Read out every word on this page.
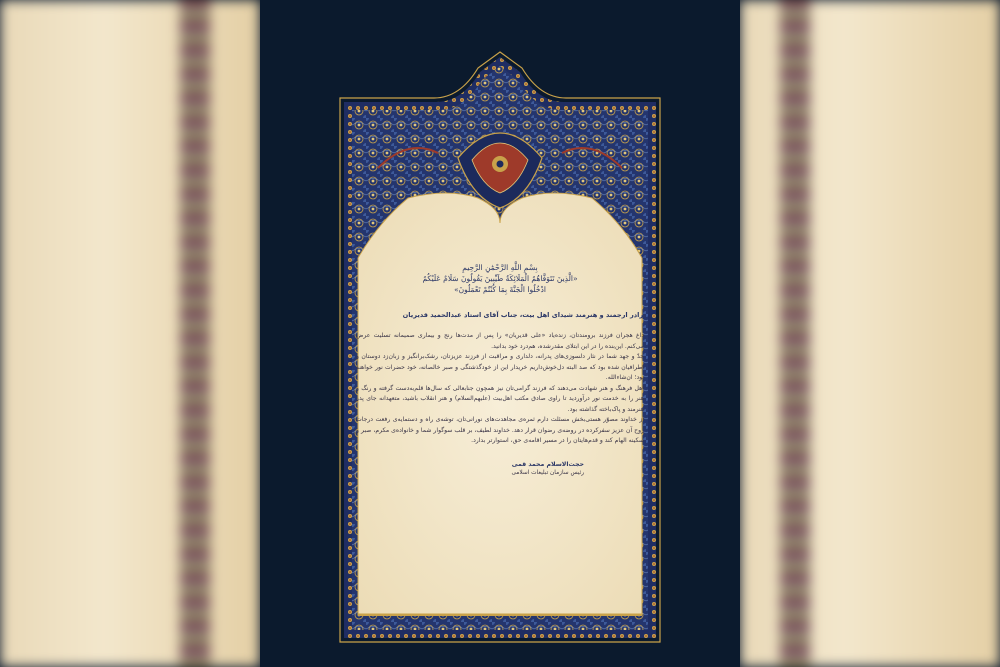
بِسْمِ اللَّهِ الرَّحْمَٰنِ الرَّحِيمِ
«الَّذِينَ تَتَوَفَّاهُمُ الْمَلَائِكَةُ طَيِّبِينَ يَقُولُونَ سَلَامٌ عَلَيْكُمُ
ادْخُلُوا الْجَنَّةَ بِمَا كُنْتُمْ تَعْمَلُونَ»
برادر ارجمند و هنرمند شیدای اهل بیت، جناب آقای استاد عبدالحمید قدیریان

داغ هجران فرزند برومندتان، زنده‌یاد «علی قدیریان» را پس از مدت‌ها رنج و بیماری صمیمانه تسلیت عرض می‌کنم. این‌بنده را در این ابتلای مقدرشده، هم‌درد خود بدانید.

جدّ و جهد شما در نثار دلسوزی‌های پدرانه، دلداری و مراقبت از فرزند عزیزتان، رشک‌برانگیز و زبان‌زد دوستان و اطرافیان شده بود که صد البته دل‌خوش‌داریم خریدار این از خودگذشتگی و صبر خالصانه، خود حضرات نور خواهند بود؛ ان‌شاءالله.

اهل فرهنگ و هنر شهادت می‌دهند که فرزند گرامی‌تان نیز همچون جنابعالی که سال‌ها قلم‌به‌دست گرفته و رنگ و هنر را به خدمت نور درآوردید تا راوی صادق مکتب اهل‌بیت (علیهم‌السلام) و هنر انقلاب باشید، متعهدانه جای پدر هنرمند و پاک‌باخته گذاشته بود.

از خداوند مصوّر هستی‌بخش مسئلت دارم ثمره‌ی مجاهدت‌های نورانی‌تان، توشه‌ی راه و دستمایه‌ی رفعت درجات روح آن عزیز سفرکرده در روضه‌ی رضوان قرار دهد. خداوند لطیف، بر قلب سوگوار شما و خانواده‌ی مکرم، صبر و سکینه الهام کند و قدم‌هایتان را در مسیر اقامه‌ی حق، استوارتر بدارد.

حجت‌الاسلام محمد قمی
رئیس سازمان تبلیغات اسلامی
